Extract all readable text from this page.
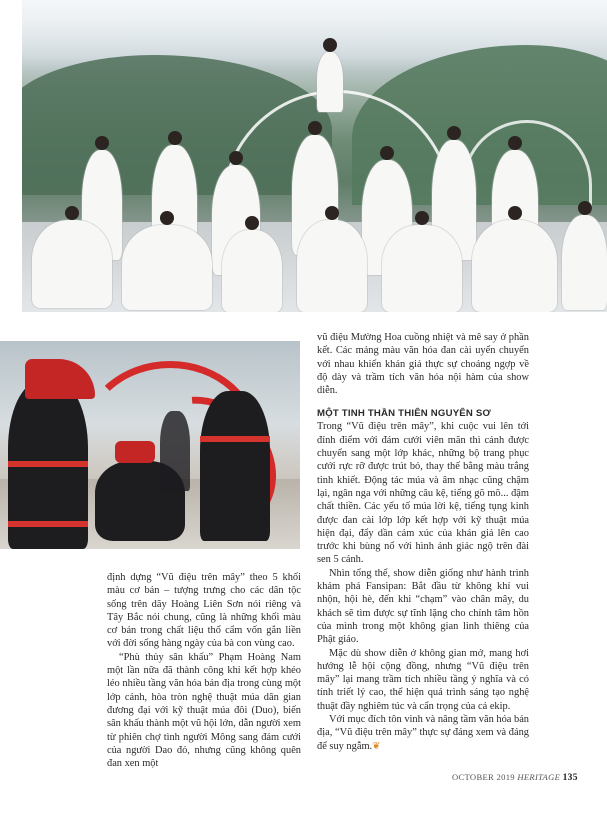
vũ điệu Mường Hoa cuồng nhiệt và mê say ở phần kết. Các mảng màu văn hóa đan cài uyển chuyển với nhau khiến khán giả thực sự choáng ngợp về độ dày và trầm tích văn hóa nội hàm của show diễn.

MỘT TINH THẦN THIÊN NGUYÊN SƠ

Trong “Vũ điệu trên mây”, khi cuộc vui lên tới đỉnh điểm với đám cưới viên mãn thì cảnh được chuyển sang một lớp khác, những bộ trang phục cưới rực rỡ được trút bỏ, thay thế bằng màu trắng tinh khiết. Động tác múa và âm nhạc cũng chậm lại, ngân nga với những câu kệ, tiếng gõ mõ... đậm chất thiền. Các yếu tố múa lời kệ, tiếng tụng kinh được đan cài lớp lớp kết hợp với kỹ thuật múa hiện đại, đẩy dần cảm xúc của khán giả lên cao trước khi bùng nổ với hình ảnh giác ngộ trên đài sen 5 cánh.

Nhìn tổng thể, show diễn giống như hành trình khám phá Fansipan: Bắt đầu từ không khí vui nhộn, hội hè, đến khi “chạm” vào chân mây, du khách sẽ tìm được sự tĩnh lặng cho chính tâm hồn của mình trong một không gian linh thiêng của Phật giáo.

Mặc dù show diễn ở không gian mở, mang hơi hướng lễ hội cộng đồng, nhưng “Vũ điệu trên mây” lại mang trầm tích nhiều tầng ý nghĩa và có tính triết lý cao, thể hiện quá trình sáng tạo nghệ thuật đầy nghiêm túc và cẩn trọng của cả ekip.

Với mục đích tôn vinh và nâng tầm văn hóa bản địa, “Vũ điệu trên mây” thực sự đáng xem và đáng để suy ngẫm.❦

định dựng “Vũ điệu trên mây” theo 5 khối màu cơ bản – tượng trưng cho các dân tộc sống trên dãy Hoàng Liên Sơn nói riêng và Tây Bắc nói chung, cũng là những khối màu cơ bản trong chất liệu thổ cẩm vốn gắn liền với đời sống hàng ngày của bà con vùng cao.

“Phù thủy sân khấu” Phạm Hoàng Nam một lần nữa đã thành công khi kết hợp khéo léo nhiều tầng văn hóa bản địa trong cùng một lớp cảnh, hòa tròn nghệ thuật múa dân gian đương đại với kỹ thuật múa đôi (Duo), biến sân khấu thành một vũ hội lớn, dẫn người xem từ phiên chợ tình người Mông sang đám cưới của người Dao đỏ, nhưng cũng không quên đan xen một

OCTOBER 2019 HERITAGE 135
